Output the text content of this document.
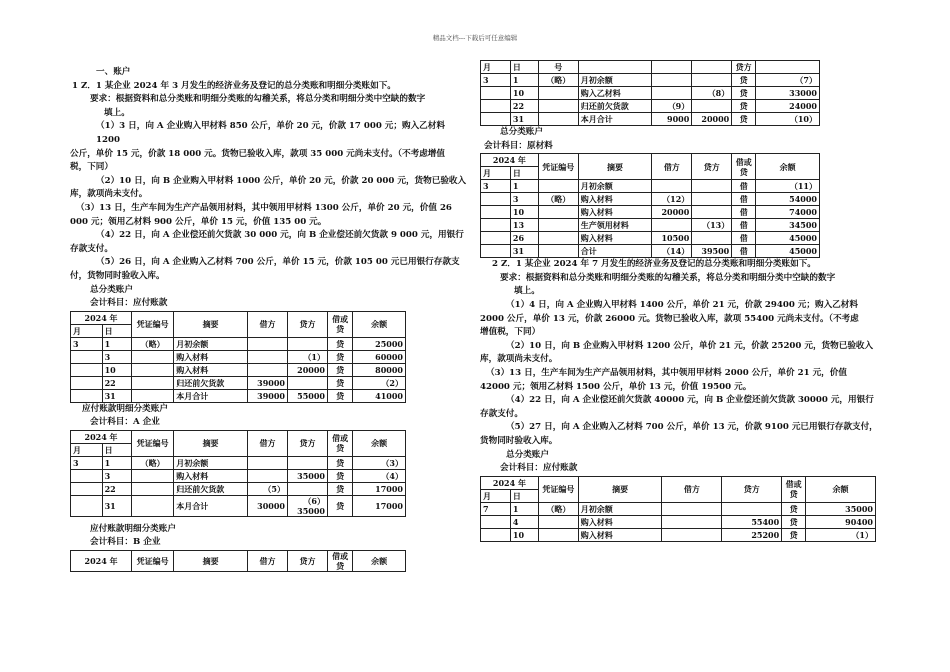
精品文档---下载后可任意编辑

一、账户

1 Z．1 某企业 2024 年 3 月发生的经济业务及登记的总分类账和明细分类账如下。

要求：根据资料和总分类账和明细分类账的勾稽关系，将总分类和明细分类中空缺的数字

填上。

（1）3 日，向 A 企业购入甲材料 850 公斤，单价 20 元，价款 17 000 元；购入乙材料 1200

公斤，单价 15 元，价款 18 000 元。货物已验收入库，款项 35 000 元尚未支付。（不考虑增值

税，下同）

（2）10 日，向 B 企业购入甲材料 1000 公斤，单价 20 元，价款 20 000 元，货物已验收入

库，款项尚未支付。

（3）13 日，生产车间为生产产品领用材料，其中领用甲材料 1300 公斤，单价 20 元，价值 26

000 元；领用乙材料 900 公斤，单价 15 元，价值 135 00 元。

（4）22 日，向 A 企业偿还前欠货款 30 000 元，向 B 企业偿还前欠货款 9 000 元，用银行

存款支付。

（5）26 日，向 A 企业购入乙材料 700 公斤，单价 15 元，价款 105 00 元已用银行存款支

付，货物同时验收入库。

总分类账户

会计科目：应付账款

2024 年		凭证编号	摘要	借方	贷方	借或贷	余额
月	日						
3	1	（略）	月初余额			贷	25000
	3		购入材料		（1）	贷	60000
	10		购入材料		20000	贷	80000
	22		归还前欠货款	39000		贷	（2）
	31		本月合计	39000	55000	贷	41000

应付账款明细分类账户

会计科目：A 企业

2024 年		凭证编号	摘要	借方	贷方	借或贷	余额
月	日						
3	1	（略）	月初余额			贷	（3）
	3		购入材料		35000	贷	（4）
	22		归还前欠货款	（5）		贷	17000
	31		本月合计	30000	（6）35000	贷	17000

应付账款明细分类账户

会计科目：B 企业

2024 年	凭证编号	摘要	借方	贷方	借或贷	余额
月	日	号				贷方	
3	1	（略）	月初余额			贷	（7）
	10		购入乙材料		（8）	贷	33000
	22		归还前欠货款	（9）		贷	24000
	31		本月合计	9000	20000	贷	（10）

总分类账户

会计科目：原材料

2024 年		凭证编号	摘要	借方	贷方	借或贷	余额
月	日						
3	1		月初余额			借	（11）
	3	（略）	购入材料	（12）		借	54000
	10		购入材料	20000		借	74000
	13		生产领用材料		（13）	借	34500
	26		购入材料	10500		借	45000
	31		合计	（14）	39500	借	45000

2 Z．1 某企业 2024 年 7 月发生的经济业务及登记的总分类账和明细分类账如下。

要求：根据资料和总分类账和明细分类账的勾稽关系，将总分类和明细分类中空缺的数字

填上。

（1）4 日，向 A 企业购入甲材料 1400 公斤，单价 21 元，价款 29400 元；购入乙材料

2000 公斤，单价 13 元，价款 26000 元。货物已验收入库，款项 55400 元尚未支付。（不考虑

增值税，下同）

（2）10 日，向 B 企业购入甲材料 1200 公斤，单价 21 元，价款 25200 元，货物已验收入

库，款项尚未支付。

（3）13 日，生产车间为生产产品领用材料，其中领用甲材料 2000 公斤，单价 21 元，价值

42000 元；领用乙材料 1500 公斤，单价 13 元，价值 19500 元。

（4）22 日，向 A 企业偿还前欠货款 40000 元，向 B 企业偿还前欠货款 30000 元，用银行

存款支付。

（5）27 日，向 A 企业购入乙材料 700 公斤，单价 13 元，价款 9100 元已用银行存款支付，

货物同时验收入库。

总分类账户

会计科目：应付账款

2024 年		凭证编号	摘要	借方	贷方	借或贷	余额
月	日						
7	1	（略）	月初余额			贷	35000
	4		购入材料		55400	贷	90400
	10		购入材料		25200	贷	（1）
